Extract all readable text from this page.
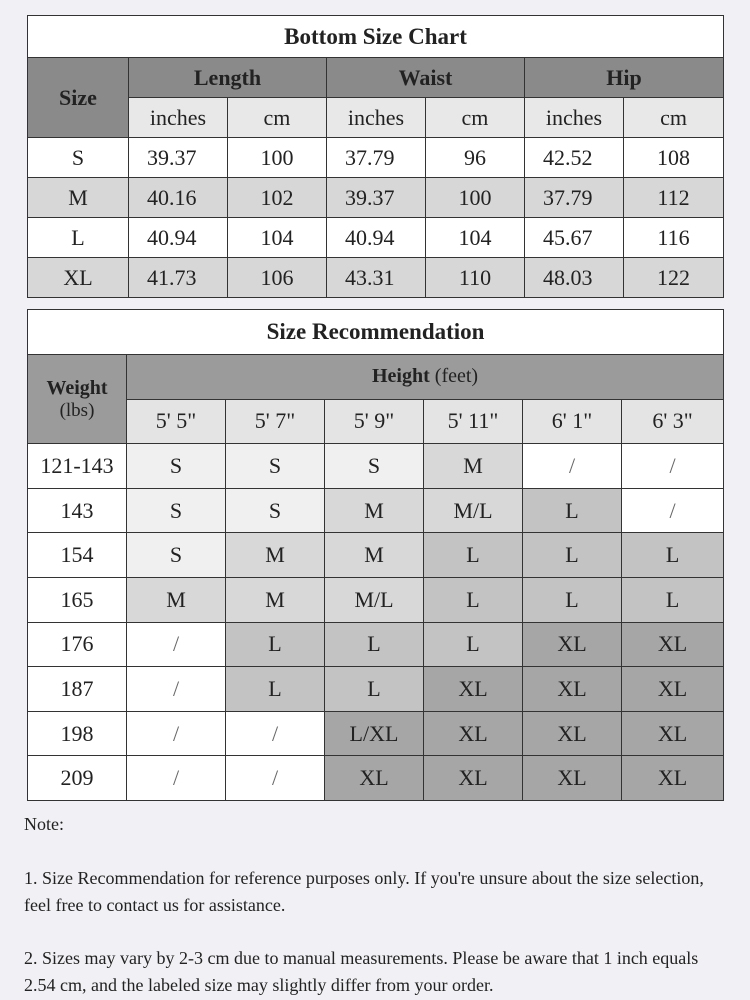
Bottom Size Chart						
Size	Length		Waist		Hip	
	inches	cm	inches	cm	inches	cm
S	39.37	100	37.79	96	42.52	108
M	40.16	102	39.37	100	37.79	112
L	40.94	104	40.94	104	45.67	116
XL	41.73	106	43.31	110	48.03	122
Size Recommendation						

Weight
(lbs)	Height (feet)					
	5' 5"	5' 7"	5' 9"	5' 11"	6' 1"	6' 3"
121-143	S	S	S	M	/	/
143	S	S	M	M/L	L	/
154	S	M	M	L	L	L
165	M	M	M/L	L	L	L
176	/	L	L	L	XL	XL
187	/	L	L	XL	XL	XL
198	/	/	L/XL	XL	XL	XL
209	/	/	XL	XL	XL	XL
Note:
1. Size Recommendation for reference purposes only. If you're unsure about the size selection, feel free to contact us for assistance.
2. Sizes may vary by 2-3 cm due to manual measurements. Please be aware that 1 inch equals 2.54 cm, and the labeled size may slightly differ from your order.
